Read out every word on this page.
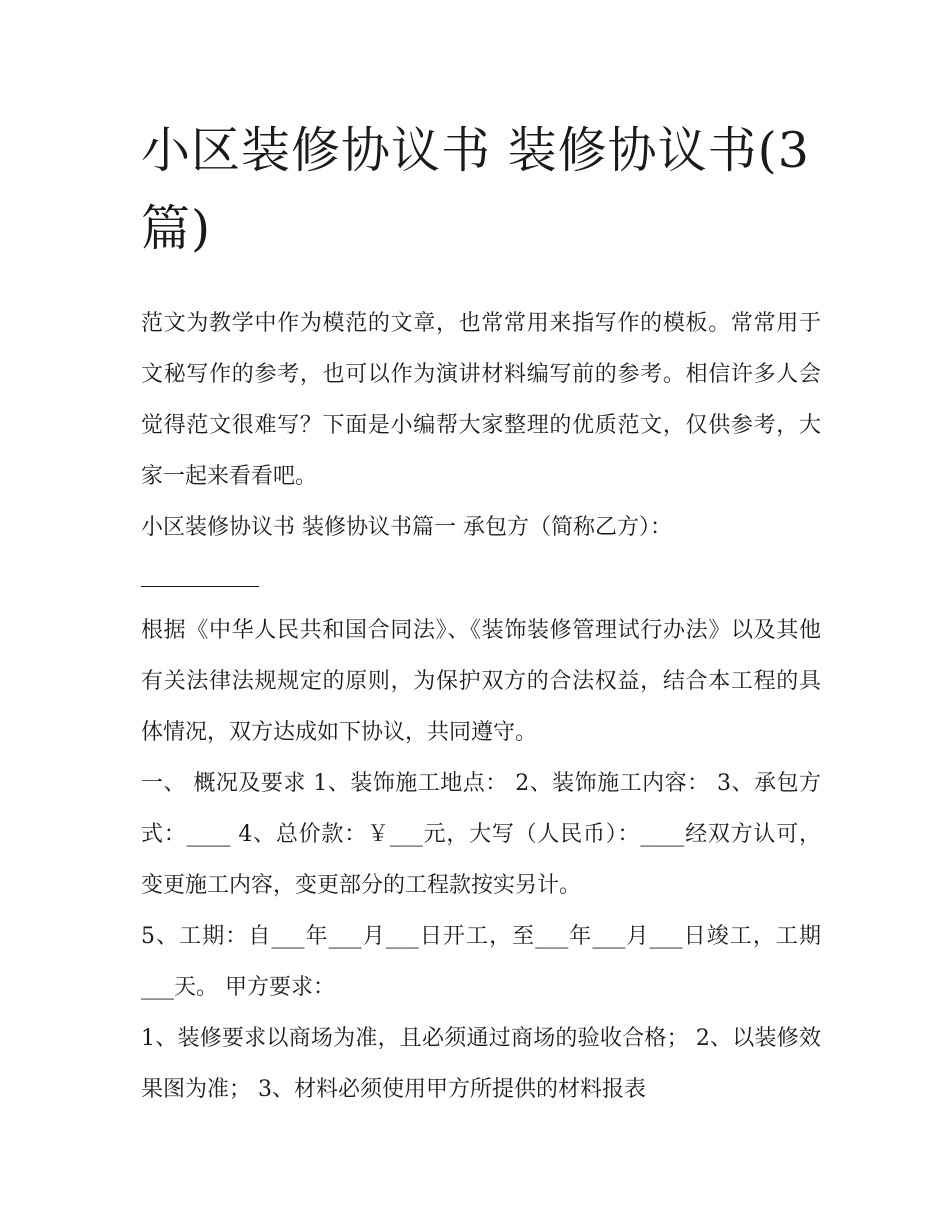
小区装修协议书 装修协议书(3篇)

范文为教学中作为模范的文章，也常常用来指写作的模板。常常用于文秘写作的参考，也可以作为演讲材料编写前的参考。相信许多人会觉得范文很难写？下面是小编帮大家整理的优质范文，仅供参考，大家一起来看看吧。

小区装修协议书 装修协议书篇一 承包方（简称乙方）：

根据《中华人民共和国合同法》、《装饰装修管理试行办法》以及其他有关法律法规规定的原则，为保护双方的合法权益，结合本工程的具体情况，双方达成如下协议，共同遵守。

一、 概况及要求 1、装饰施工地点： 2、装饰施工内容： 3、承包方式：____ 4、总价款：￥___元，大写（人民币）：____经双方认可，变更施工内容，变更部分的工程款按实另计。

5、工期：自___年___月___日开工，至___年___月___日竣工，工期___天。 甲方要求：

1、装修要求以商场为准，且必须通过商场的验收合格； 2、以装修效果图为准； 3、材料必须使用甲方所提供的材料报表
